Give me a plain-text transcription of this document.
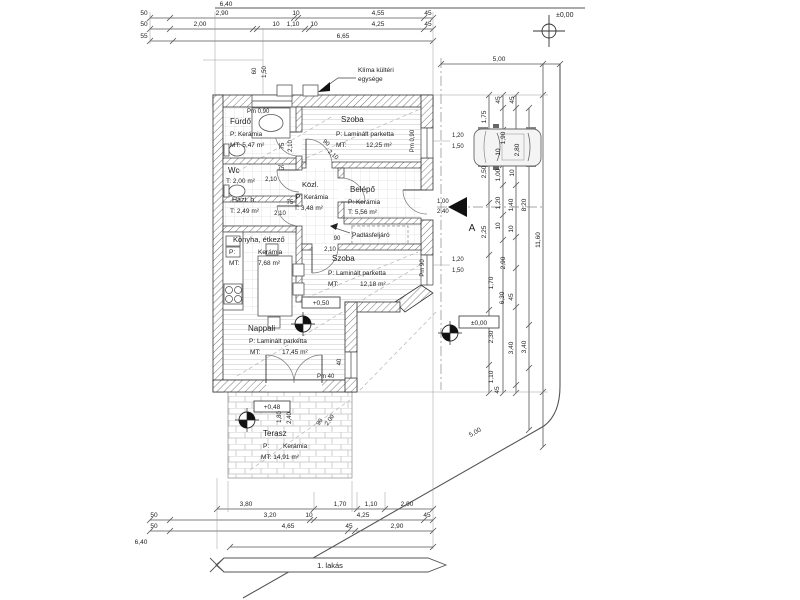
1. lakás
6,40
50	2,90	10	4,55	45
50	2,00	10 1,10 10	4,25	45
55	6,65
±0,00
5,00
45 45
1,75
1,90
2,80
10
2,50 1,00 10
1,20 1,40 8,20
10 10
2,25
11,60
2,90
1,70
6,30 45
2,30
3,40 3,40
1,10
45
1,20
1,50
1,20
1,50
1,00
2,40
60 1,50	Klíma kültéri
egysége
Pm 0,90
Pm 0,90
Pm 90
Pm 40
40
Fürdő
P: Kerámia
MT: 5,47 m²
Wc
T: 2,00 m²
Házt. h.
T: 2,49 m²
Közl.
P: Kerámia
T: 3,48 m²
Belépő
P: Kerámia
T: 5,56 m²
Szoba
P: Laminált parketta
MT:	12,25 m²
Szoba
P: Laminált parketta
MT:	12,18 m²
Konyha, étkező
P:	Kerámia
MT:	7,68 m²
Nappali
P: Laminált parketta
MT:	17,45 m²
Terasz
P: Kerámia
MT: 14,91 m²
Padlásfeljáró
75 2,10
75
2,10
75
2,10
90
2,10
90
2,10
1,80 2,40	90 2,00
+0,50
+0,48
±0,00
3,80	1,70	1,10	2,90
50	3,20	10	4,25	45
50	4,65	45	2,90
6,40
5,00
A
